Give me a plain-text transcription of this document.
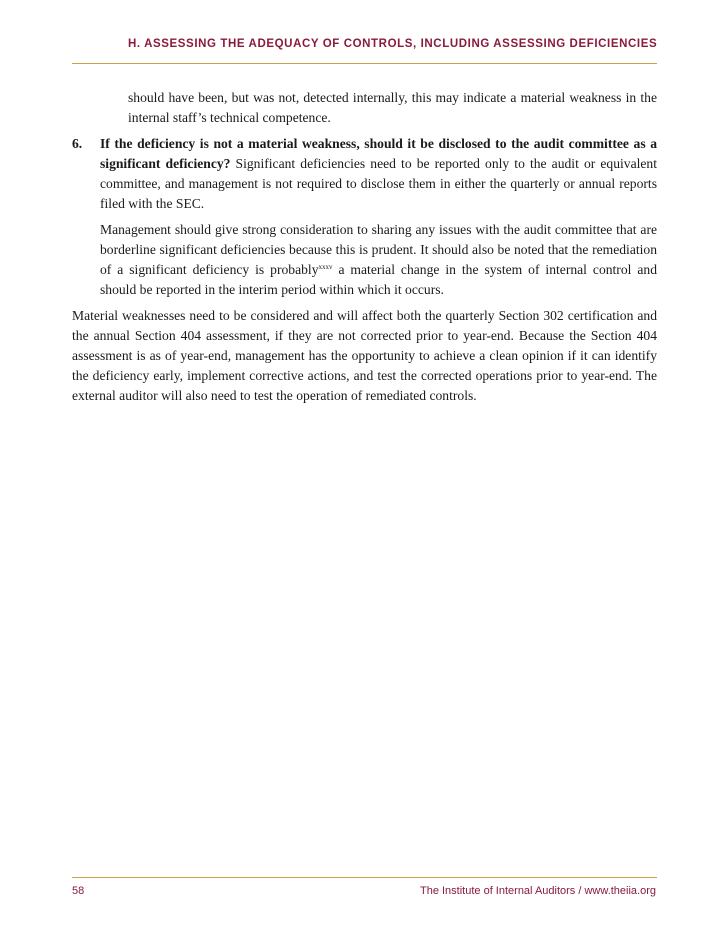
H. ASSESSING THE ADEQUACY OF CONTROLS, INCLUDING ASSESSING DEFICIENCIES

should have been, but was not, detected internally, this may indicate a material weakness in the internal staff’s technical competence.

6. If the deficiency is not a material weakness, should it be disclosed to the audit committee as a significant deficiency? Significant deficiencies need to be reported only to the audit or equivalent committee, and management is not required to disclose them in either the quarterly or annual reports filed with the SEC.

Management should give strong consideration to sharing any issues with the audit committee that are borderline significant deficiencies because this is prudent. It should also be noted that the remediation of a significant deficiency is probably$^{xxxv}$ a material change in the system of internal control and should be reported in the interim period within which it occurs.

Material weaknesses need to be considered and will affect both the quarterly Section 302 certification and the annual Section 404 assessment, if they are not corrected prior to year-end. Because the Section 404 assessment is as of year-end, management has the opportunity to achieve a clean opinion if it can identify the deficiency early, implement corrective actions, and test the corrected operations prior to year-end. The external auditor will also need to test the operation of remediated controls.

58	The Institute of Internal Auditors / www.theiia.org
